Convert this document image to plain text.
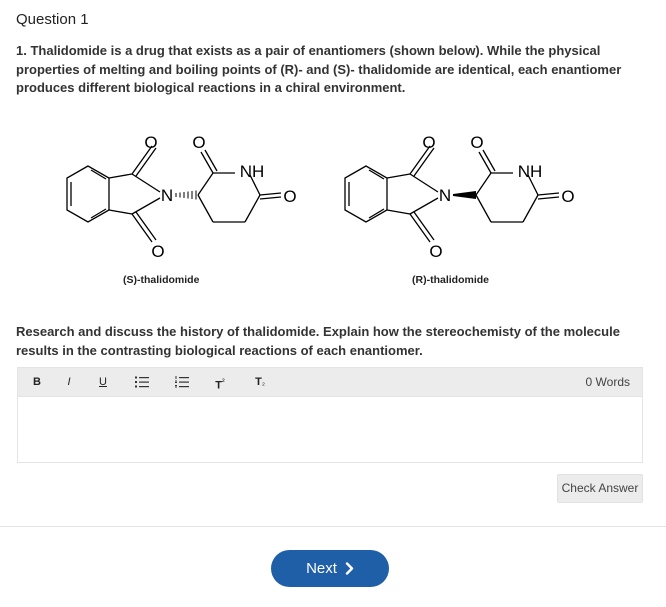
Question 1
1. Thalidomide is a drug that exists as a pair of enantiomers (shown below). While the physical properties of melting and boiling points of (R)- and (S)- thalidomide are identical, each enantiomer produces different biological reactions in a chiral environment.
O O
N
NH
O
O
O O
N
NH
O
O
(S)-thalidomide	(R)-thalidomide
Research and discuss the history of thalidomide. Explain how the stereochemisty of the molecule results in the contrasting biological reactions of each enantiomer.
B	I	U	$T^{^2}$	T₂	0 Words
Check Answer
Next
